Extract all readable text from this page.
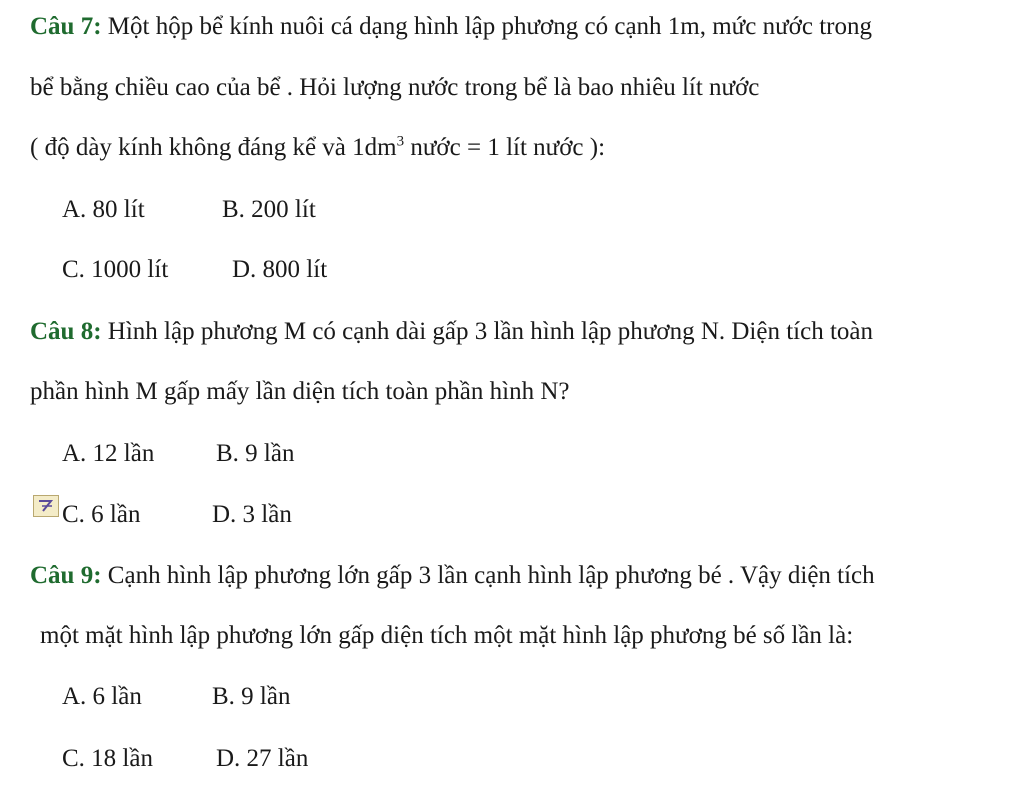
Câu 7: Một hộp bể kính nuôi cá dạng hình lập phương có cạnh 1m, mức nước trong
bể bằng chiều cao của bể . Hỏi lượng nước trong bể là bao nhiêu lít nước
( độ dày kính không đáng kể và $1dm^3$ nước = 1 lít nước ):
A. 80 lít	B. 200 lít
C. 1000 lít	D. 800 lít
Câu 8: Hình lập phương M có cạnh dài gấp 3 lần hình lập phương N. Diện tích toàn
phần hình M gấp mấy lần diện tích toàn phần hình N?
A. 12 lần B. 9 lần
C. 6 lần	D. 3 lần
Câu 9: Cạnh hình lập phương lớn gấp 3 lần cạnh hình lập phương bé . Vậy diện tích
một mặt hình lập phương lớn gấp diện tích một mặt hình lập phương bé số lần là:
A. 6 lần	B. 9 lần
C. 18 lần	D. 27 lần
